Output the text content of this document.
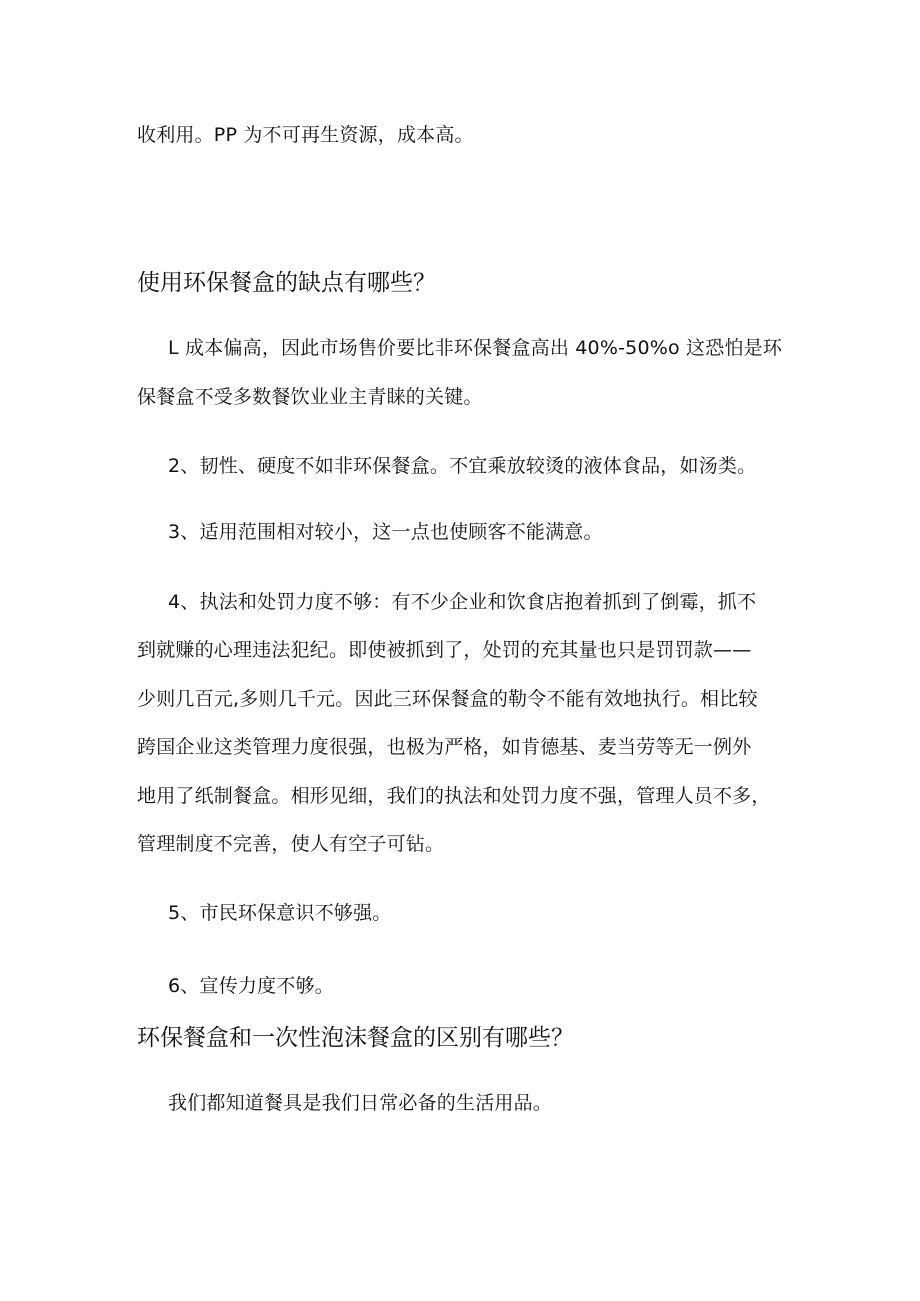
收利用。PP 为不可再生资源，成本高。
使用环保餐盒的缺点有哪些？
L 成本偏高，因此市场售价要比非环保餐盒高出 40%-50%o 这恐怕是环
保餐盒不受多数餐饮业业主青睐的关键。
2、韧性、硬度不如非环保餐盒。不宜乘放较烫的液体食品，如汤类。
3、适用范围相对较小，这一点也使顾客不能满意。
4、执法和处罚力度不够：有不少企业和饮食店抱着抓到了倒霉，抓不
到就赚的心理违法犯纪。即使被抓到了，处罚的充其量也只是罚罚款——
少则几百元,多则几千元。因此三环保餐盒的勒令不能有效地执行。相比较
跨国企业这类管理力度很强，也极为严格，如肯德基、麦当劳等无一例外
地用了纸制餐盒。相形见细，我们的执法和处罚力度不强，管理人员不多，
管理制度不完善，使人有空子可钻。
5、市民环保意识不够强。
6、宣传力度不够。
环保餐盒和一次性泡沫餐盒的区别有哪些？
我们都知道餐具是我们日常必备的生活用品。
